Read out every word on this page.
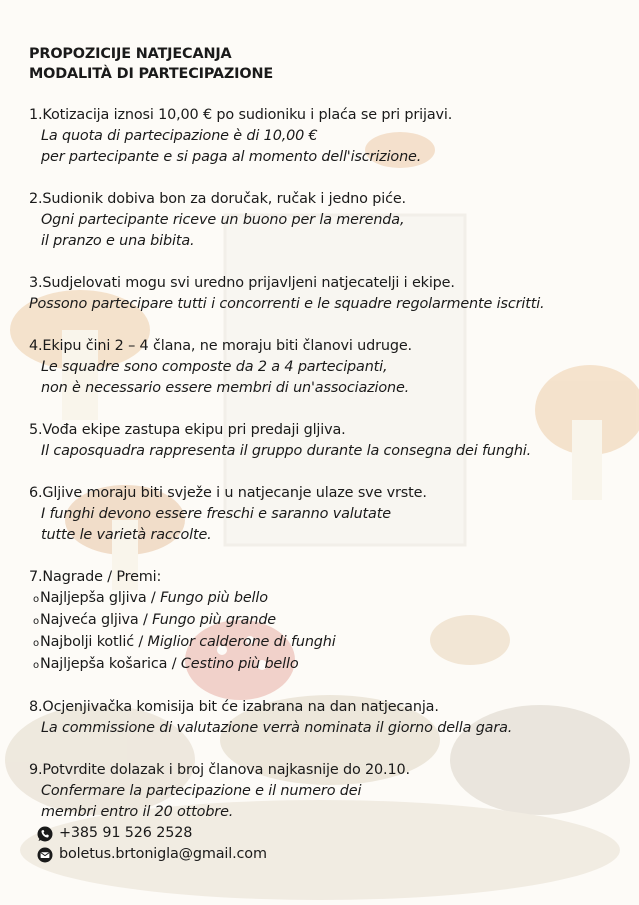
PROPOZICIJE NATJECANJA

MODALITÀ DI PARTECIPAZIONE

1.Kotizacija iznosi 10,00 € po sudioniku i plaća se pri prijavi.
La quota di partecipazione è di 10,00 €
per partecipante e si paga al momento dell'iscrizione.
2.Sudionik dobiva bon za doručak, ručak i jedno piće.
Ogni partecipante riceve un buono per la merenda,
il pranzo e una bibita.
3.Sudjelovati mogu svi uredno prijavljeni natjecatelji i ekipe.
Possono partecipare tutti i concorrenti e le squadre regolarmente iscritti.
4.Ekipu čini 2 – 4 člana, ne moraju biti članovi udruge.
Le squadre sono composte da 2 a 4 partecipanti,
non è necessario essere membri di un'associazione.
5.Vođa ekipe zastupa ekipu pri predaji gljiva.
Il caposquadra rappresenta il gruppo durante la consegna dei funghi.
6.Gljive moraju biti svježe i u natjecanje ulaze sve vrste.
I funghi devono essere freschi e saranno valutate
tutte le varietà raccolte.
7.Nagrade / Premi:
o Najljepša gljiva /
Fungo più bello
o Najveća gljiva /
Fungo più grande
o Najbolji kotlić /
Miglior calderone di funghi
o Najljepša košarica /
Cestino più bello
8.Ocjenjivačka komisija bit će izabrana na dan natjecanja.
La commissione di valutazione verrà nominata il giorno della gara.
9.Potvrdite dolazak i broj članova najkasnije do 20.10.
Confermare la partecipazione e il numero dei
membri entro il 20 ottobre.
+385 91 526 2528
boletus.brtonigla@gmail.com
